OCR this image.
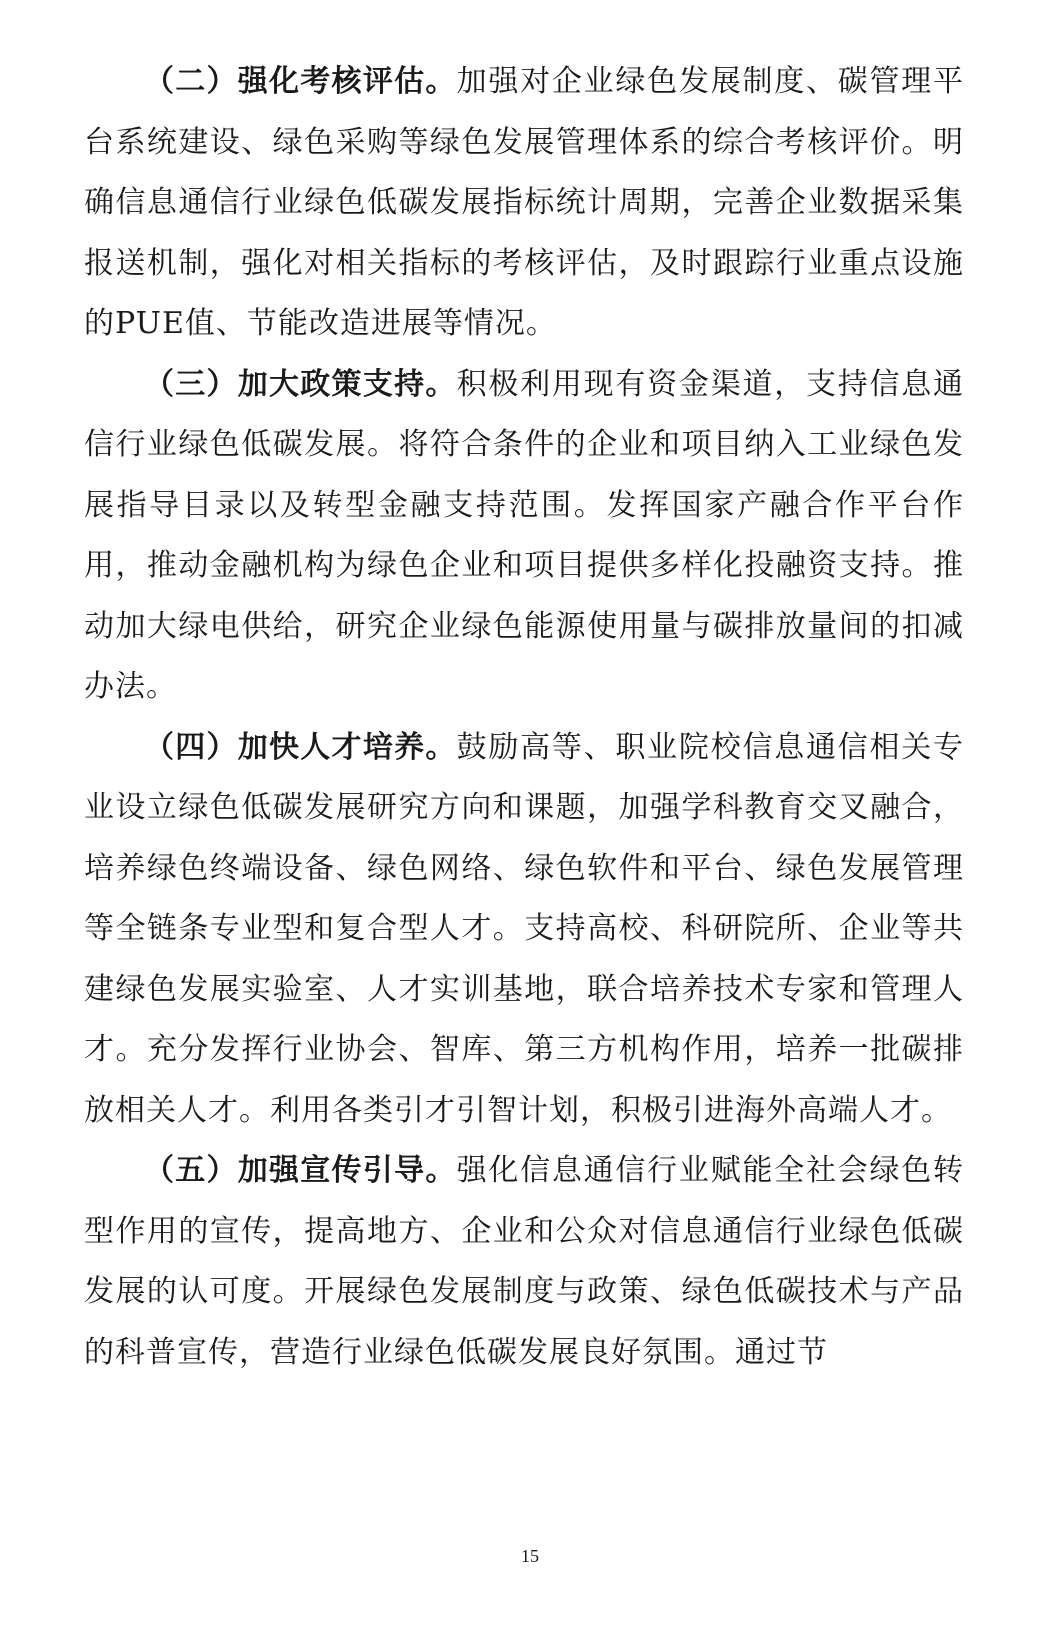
（二）强化考核评估。加强对企业绿色发展制度、碳管理平台系统建设、绿色采购等绿色发展管理体系的综合考核评价。明确信息通信行业绿色低碳发展指标统计周期，完善企业数据采集报送机制，强化对相关指标的考核评估，及时跟踪行业重点设施的PUE值、节能改造进展等情况。

（三）加大政策支持。积极利用现有资金渠道，支持信息通信行业绿色低碳发展。将符合条件的企业和项目纳入工业绿色发展指导目录以及转型金融支持范围。发挥国家产融合作平台作用，推动金融机构为绿色企业和项目提供多样化投融资支持。推动加大绿电供给，研究企业绿色能源使用量与碳排放量间的扣减办法。

（四）加快人才培养。鼓励高等、职业院校信息通信相关专业设立绿色低碳发展研究方向和课题，加强学科教育交叉融合，培养绿色终端设备、绿色网络、绿色软件和平台、绿色发展管理等全链条专业型和复合型人才。支持高校、科研院所、企业等共建绿色发展实验室、人才实训基地，联合培养技术专家和管理人才。充分发挥行业协会、智库、第三方机构作用，培养一批碳排放相关人才。利用各类引才引智计划，积极引进海外高端人才。

（五）加强宣传引导。强化信息通信行业赋能全社会绿色转型作用的宣传，提高地方、企业和公众对信息通信行业绿色低碳发展的认可度。开展绿色发展制度与政策、绿色低碳技术与产品的科普宣传，营造行业绿色低碳发展良好氛围。通过节

15
